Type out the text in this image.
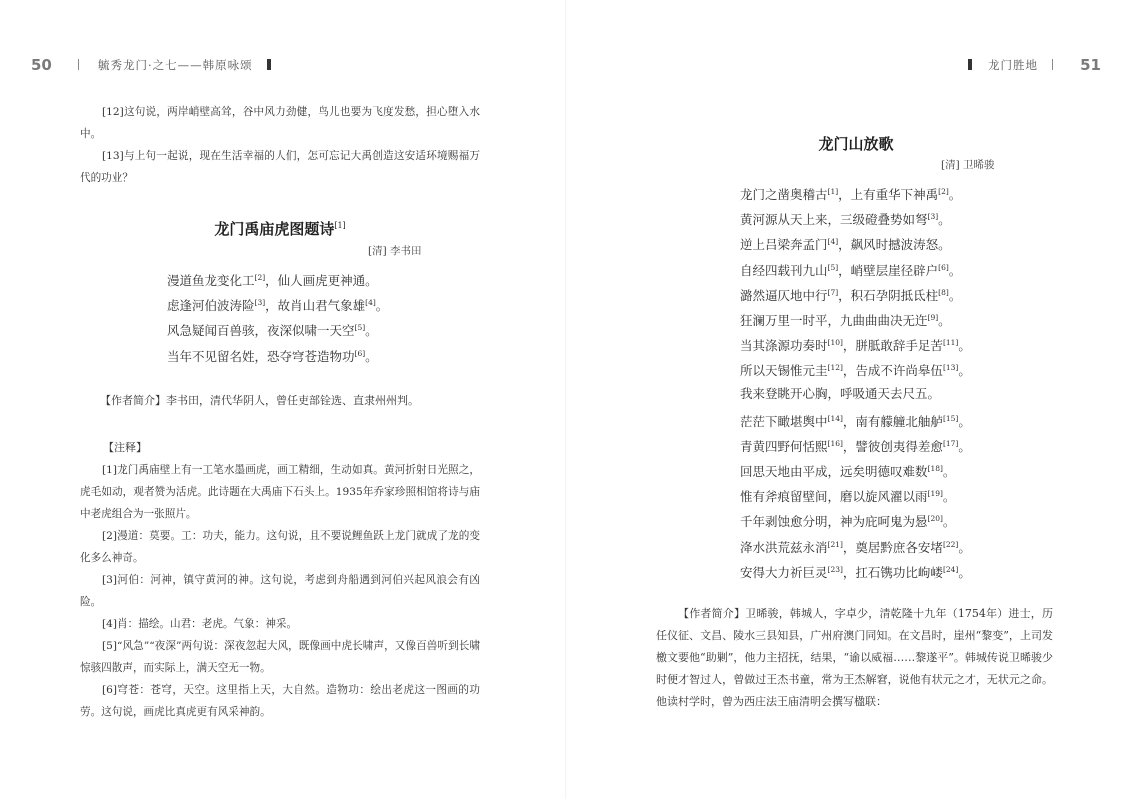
50	毓秀龙门·之七——韩原咏颂

[12]这句说，两岸峭壁高耸，谷中风力劲健，鸟儿也要为飞度发愁，担心堕入水中。

[13]与上句一起说，现在生活幸福的人们，怎可忘记大禹创造这安适环境赐福万代的功业？

龙门禹庙虎图题诗[1]
[清] 李书田
漫道鱼龙变化工[2]，仙人画虎更神通。
虑逢河伯波涛险[3]，故肖山君气象雄[4]。
风急疑闻百兽骇，夜深似啸一天空[5]。
当年不见留名姓，恐夺穹苍造物功[6]。
【作者简介】李书田，清代华阴人，曾任吏部铨选、直隶州州判。
【注释】

[1]龙门禹庙壁上有一工笔水墨画虎，画工精细，生动如真。黄河折射日光照之，虎毛如动，观者赞为活虎。此诗题在大禹庙下石头上。1935年乔家珍照相馆将诗与庙中老虎组合为一张照片。

[2]漫道：莫要。工：功夫，能力。这句说，且不要说鲤鱼跃上龙门就成了龙的变化多么神奇。

[3]河伯：河神，镇守黄河的神。这句说，考虑到舟船遇到河伯兴起风浪会有凶险。

[4]肖：描绘。山君：老虎。气象：神采。

[5]“风急”“夜深”两句说：深夜忽起大风，既像画中虎长啸声，又像百兽听到长啸惊骇四散声，而实际上，满天空无一物。

[6]穹苍：苍穹，天空。这里指上天，大自然。造物功：绘出老虎这一图画的功劳。这句说，画虎比真虎更有风采神韵。

龙门胜地	51
龙门山放歌
[清] 卫晞骏
龙门之凿奥稽古[1]，上有重华下神禹[2]。
黄河源从天上来，三级磴叠势如弩[3]。
逆上吕梁奔孟门[4]，飙风时撼波涛怒。
自经四载刊九山[5]，峭壁层崖径辟户[6]。
潞然逼仄地中行[7]，积石孕阴抵氐柱[8]。
狂澜万里一时平，九曲曲曲决无迕[9]。
当其涤源功奏时[10]，胼胝敢辞手足苦[11]。
所以天锡惟元圭[12]，告成不许尚皋伍[13]。
我来登眺开心胸，呼吸通天去尺五。
茫茫下瞰堪舆中[14]，南有艨艟北舳舻[15]。
青黄四野何恬熙[16]，譬彼创夷得差愈[17]。
回思天地由平成，远矣明德叹难数[18]。
惟有斧痕留壁间，磨以旋风濯以雨[19]。
千年剥蚀愈分明，神为庇呵鬼为惖[20]。
洚水洪荒兹永消[21]，奠居黔庶各安堵[22]。
安得大力祈巨灵[23]，扛石镌功比岣嵝[24]。
【作者简介】卫晞骏，韩城人，字卓少，清乾隆十九年（1754年）进士，历任仪征、文昌、陵水三县知县，广州府澳门同知。在文昌时，崖州“黎变”，上司发檄文要他“助剿”，他力主招抚，结果，“谕以威福……黎遂平”。韩城传说卫晞骏少时便才智过人，曾做过王杰书童，常为王杰解窘，说他有状元之才，无状元之命。他读村学时，曾为西庄法王庙清明会撰写楹联：
